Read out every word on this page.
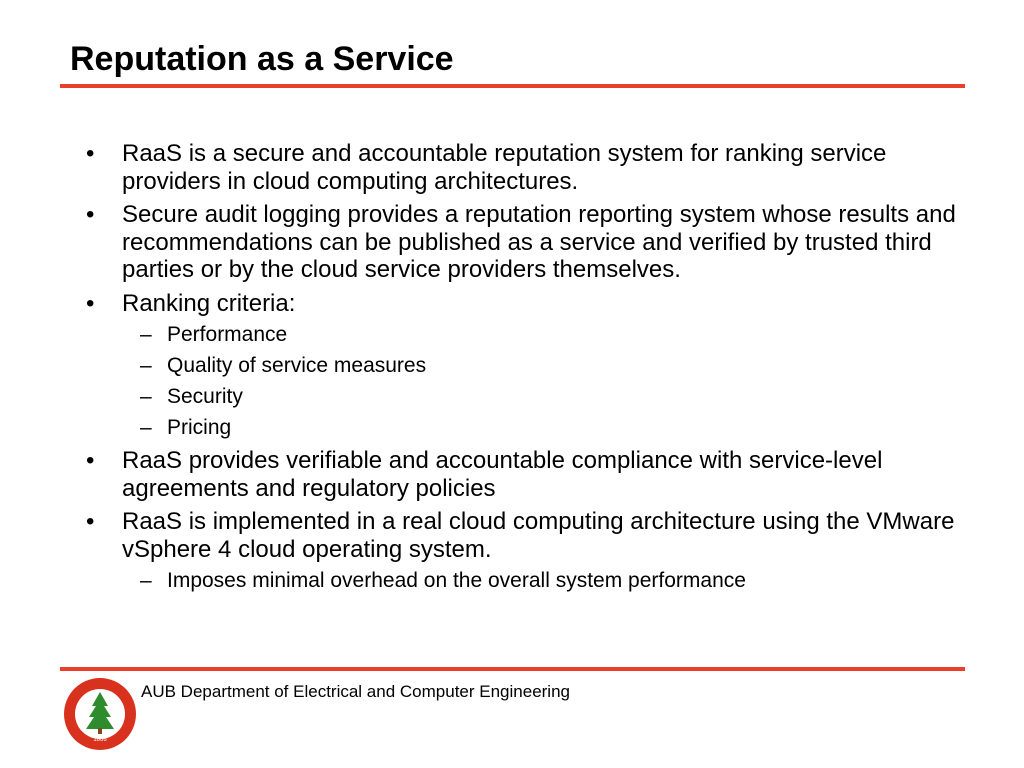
Reputation as a Service
• RaaS is a secure and accountable reputation system for ranking service providers in cloud computing architectures.
• Secure audit logging provides a reputation reporting system whose results and recommendations can be published as a service and verified by trusted third parties or by the cloud service providers themselves.
• Ranking criteria:
– Performance
– Quality of service measures
– Security
– Pricing
• RaaS provides verifiable and accountable compliance with service-level agreements and regulatory policies
• RaaS is implemented in a real cloud computing architecture using the VMware vSphere 4 cloud operating system.
– Imposes minimal overhead on the overall system performance
1866
AUB Department of Electrical and Computer Engineering
